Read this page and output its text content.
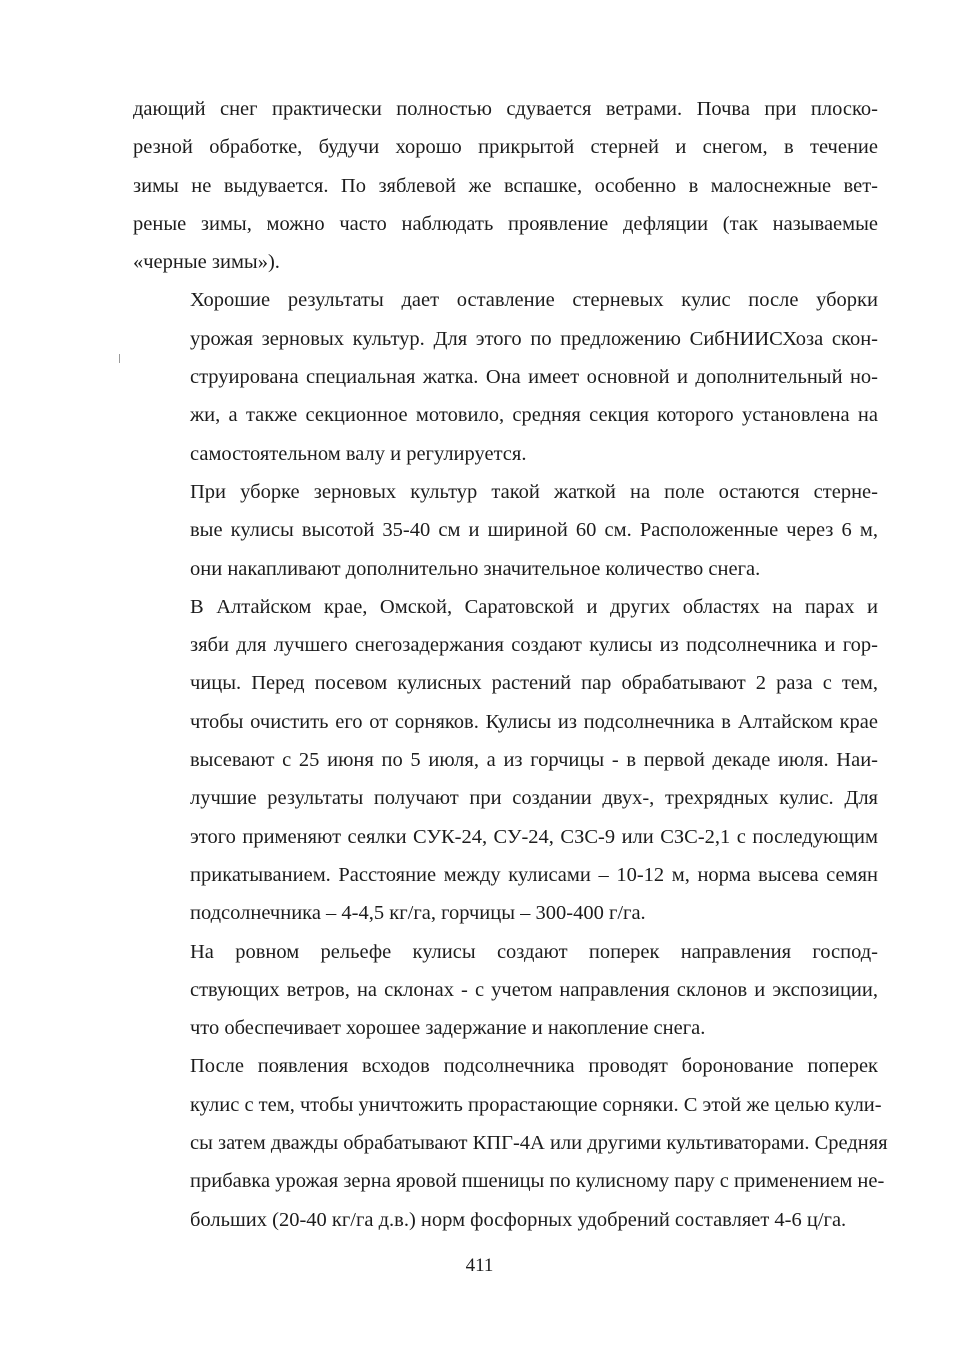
дающий снег практически полностью сдувается ветрами. Почва при плоско-
резной обработке, будучи хорошо прикрытой стерней и снегом, в течение
зимы не выдувается. По зяблевой же вспашке, особенно в малоснежные вет-
реные зимы, можно часто наблюдать проявление дефляции (так называемые
«черные зимы»).

Хорошие результаты дает оставление стерневых кулис после уборки
урожая зерновых культур. Для этого по предложению СибНИИСХоза скон-
струирована специальная жатка. Она имеет основной и дополнительный но-
жи, а также секционное мотовило, средняя секция которого установлена на
самостоятельном валу и регулируется.

При уборке зерновых культур такой жаткой на поле остаются стерне-
вые кулисы высотой 35-40 см и шириной 60 см. Расположенные через 6 м,
они накапливают дополнительно значительное количество снега.

В Алтайском крае, Омской, Саратовской и других областях на парах и
зяби для лучшего снегозадержания создают кулисы из подсолнечника и гор-
чицы. Перед посевом кулисных растений пар обрабатывают 2 раза с тем,
чтобы очистить его от сорняков. Кулисы из подсолнечника в Алтайском крае
высевают с 25 июня по 5 июля, а из горчицы - в первой декаде июля. Наи-
лучшие результаты получают при создании двух-, трехрядных кулис. Для
этого применяют сеялки СУК-24, СУ-24, СЗС-9 или СЗС-2,1 с последующим
прикатыванием. Расстояние между кулисами – 10-12 м, норма высева семян
подсолнечника – 4-4,5 кг/га, горчицы – 300-400 г/га.

На ровном рельефе кулисы создают поперек направления господ-
ствующих ветров, на склонах - с учетом направления склонов и экспозиции,
что обеспечивает хорошее задержание и накопление снега.

После появления всходов подсолнечника проводят боронование поперек
кулис с тем, чтобы уничтожить прорастающие сорняки. С этой же целью кули-
сы затем дважды обрабатывают КПГ-4А или другими культиваторами. Средняя
прибавка урожая зерна яровой пшеницы по кулисному пару с применением не-
больших (20-40 кг/га д.в.) норм фосфорных удобрений составляет 4-6 ц/га.

411
